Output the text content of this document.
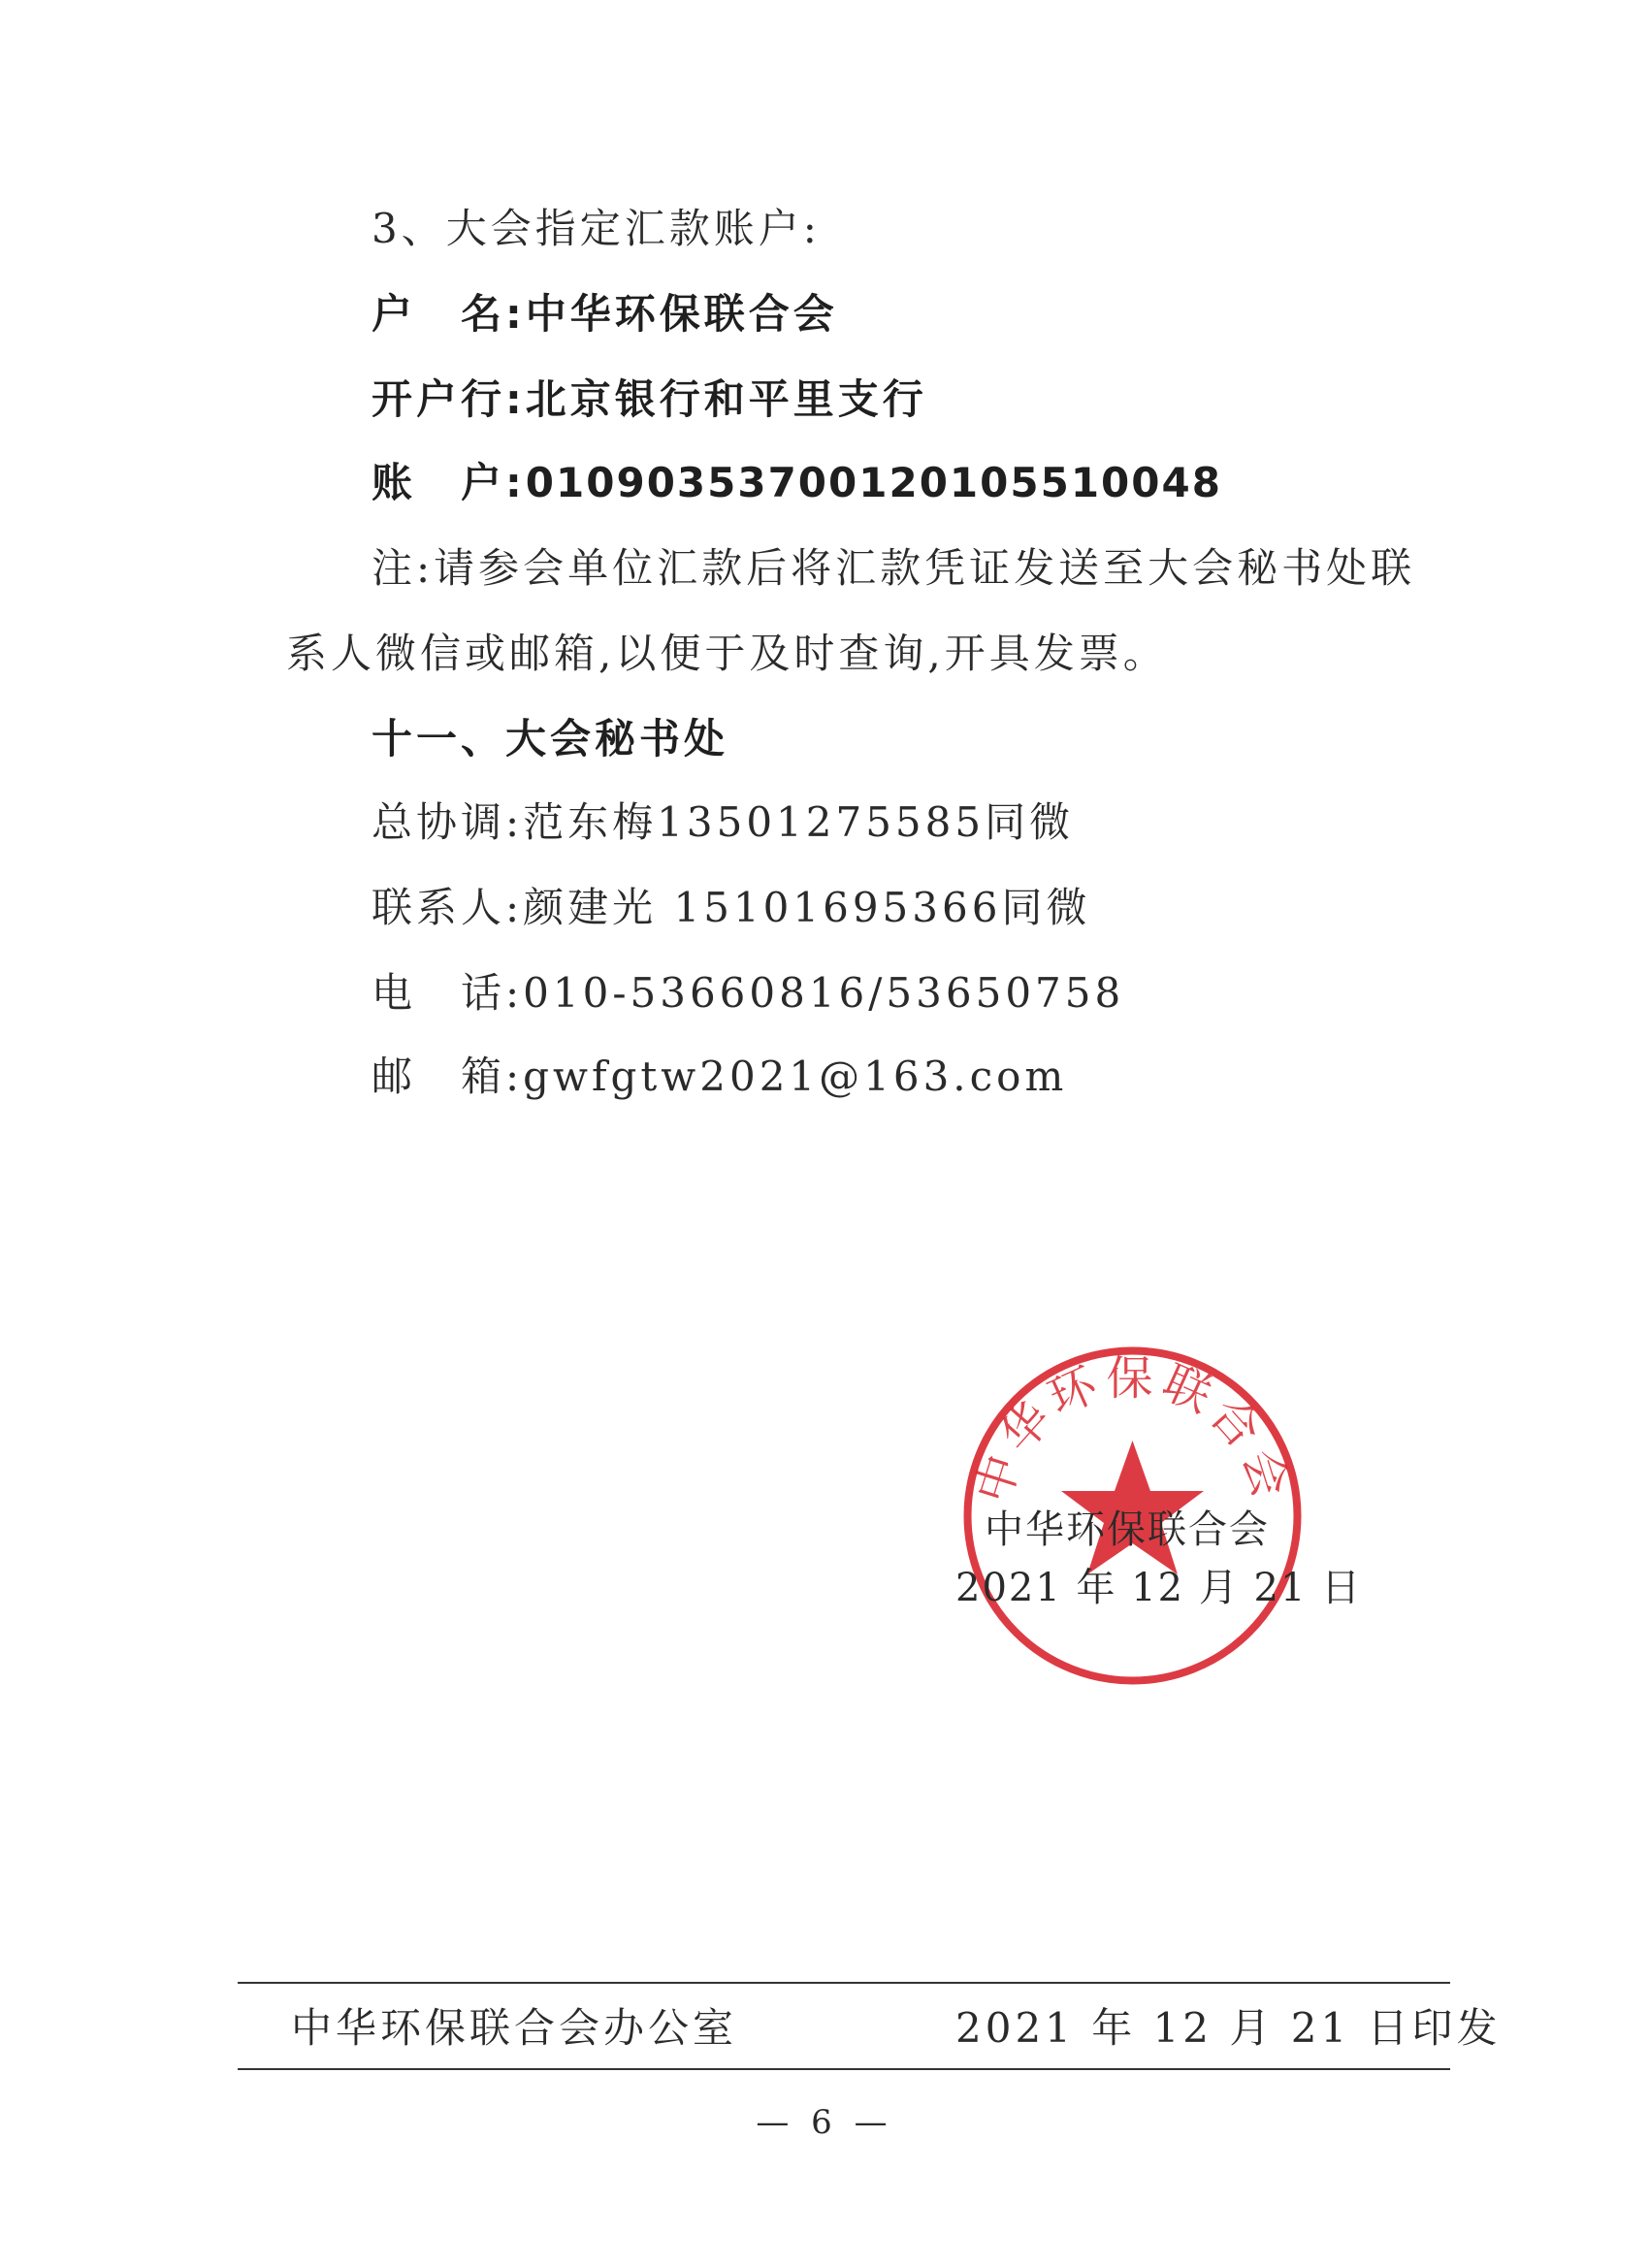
3、大会指定汇款账户:
户　名:中华环保联合会
开户行:北京银行和平里支行
账　户:01090353700120105510048
注:请参会单位汇款后将汇款凭证发送至大会秘书处联
系人微信或邮箱,以便于及时查询,开具发票。
十一、大会秘书处
总协调:范东梅13501275585同微
联系人:颜建光 15101695366同微
电　话:010-53660816/53650758
邮　箱:gwfgtw2021@163.com
中华环保联合会
中华环保联合会
2021 年 12 月 21 日
中华环保联合会办公室	2021 年 12 月 21 日印发
— 6 —
